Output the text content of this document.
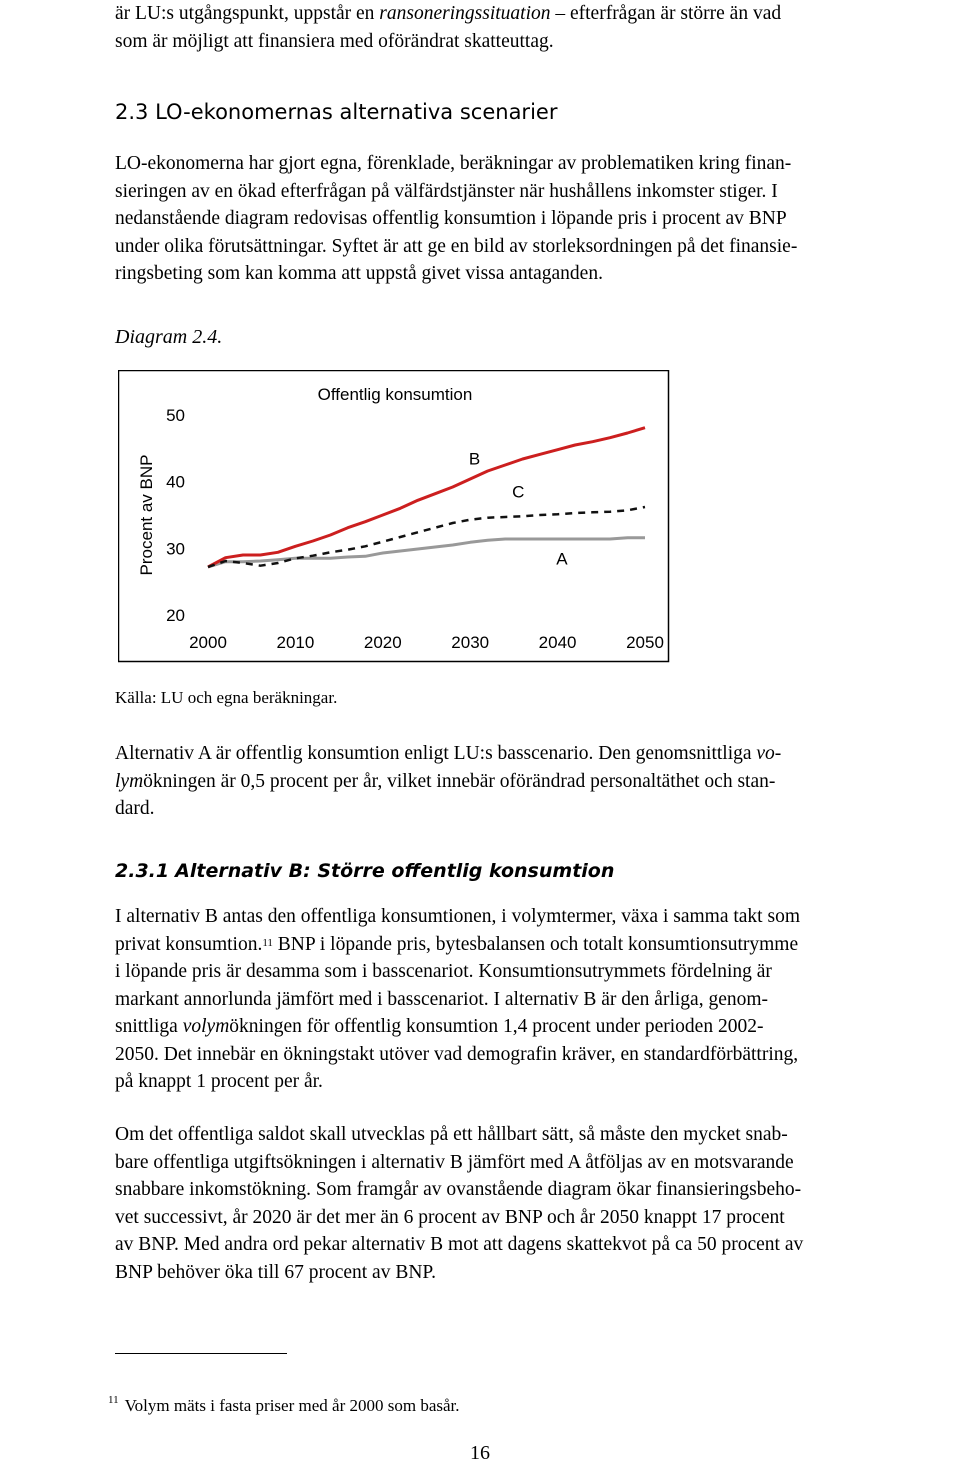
är LU:s utgångspunkt, uppstår en ransoneringssituation – efterfrågan är större än vad
som är möjligt att finansiera med oförändrat skatteuttag.

2.3 LO-ekonomernas alternativa scenarier

LO-ekonomerna har gjort egna, förenklade, beräkningar av problematiken kring finan-
sieringen av en ökad efterfrågan på välfärdstjänster när hushållens inkomster stiger. I
nedanstående diagram redovisas offentlig konsumtion i löpande pris i procent av BNP
under olika förutsättningar. Syftet är att ge en bild av storleksordningen på det finansie-
ringsbeting som kan komma att uppstå givet vissa antaganden.

Diagram 2.4.

Offentlig konsumtion
Procent av BNP
20
30
40
50
2000	2010	2020	2030	2040	2050
B
C
A

Källa: LU och egna beräkningar.

Alternativ A är offentlig konsumtion enligt LU:s basscenario. Den genomsnittliga vo-
lymökningen är 0,5 procent per år, vilket innebär oförändrad personaltäthet och stan-
dard.

2.3.1 Alternativ B: Större offentlig konsumtion

I alternativ B antas den offentliga konsumtionen, i volymtermer, växa i samma takt som
privat konsumtion.$^{11}$ BNP i löpande pris, bytesbalansen och totalt konsumtionsutrymme
i löpande pris är desamma som i basscenariot. Konsumtionsutrymmets fördelning är
markant annorlunda jämfört med i basscenariot. I alternativ B är den årliga, genom-
snittliga volymökningen för offentlig konsumtion 1,4 procent under perioden 2002-
2050. Det innebär en ökningstakt utöver vad demografin kräver, en standardförbättring,
på knappt 1 procent per år.

Om det offentliga saldot skall utvecklas på ett hållbart sätt, så måste den mycket snab-
bare offentliga utgiftsökningen i alternativ B jämfört med A åtföljas av en motsvarande
snabbare inkomstökning. Som framgår av ovanstående diagram ökar finansieringsbeho-
vet successivt, år 2020 är det mer än 6 procent av BNP och år 2050 knappt 17 procent
av BNP. Med andra ord pekar alternativ B mot att dagens skattekvot på ca 50 procent av
BNP behöver öka till 67 procent av BNP.

$^{11}$ Volym mäts i fasta priser med år 2000 som basår.
16
